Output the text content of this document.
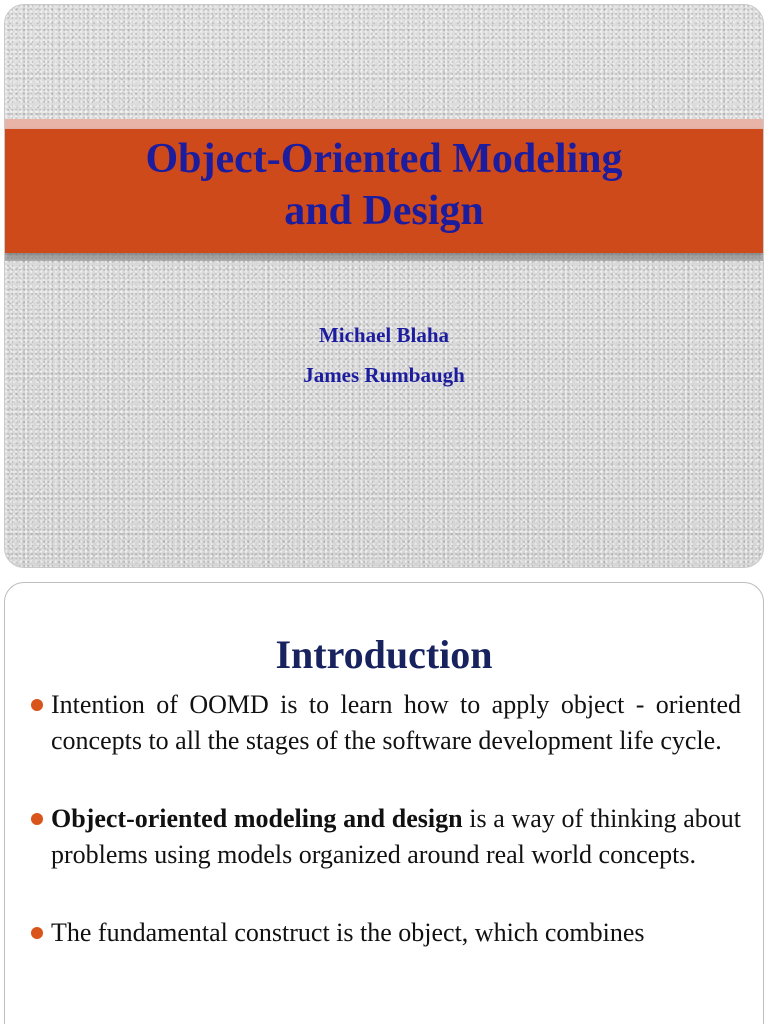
Object-Oriented Modeling
and Design
Michael Blaha
James Rumbaugh
Introduction
Intention of OOMD is to learn how to apply object - oriented concepts to all the stages of the software development life cycle.
Object-oriented modeling and design is a way of thinking about problems using models organized around real world concepts.
The fundamental construct is the object, which combines
